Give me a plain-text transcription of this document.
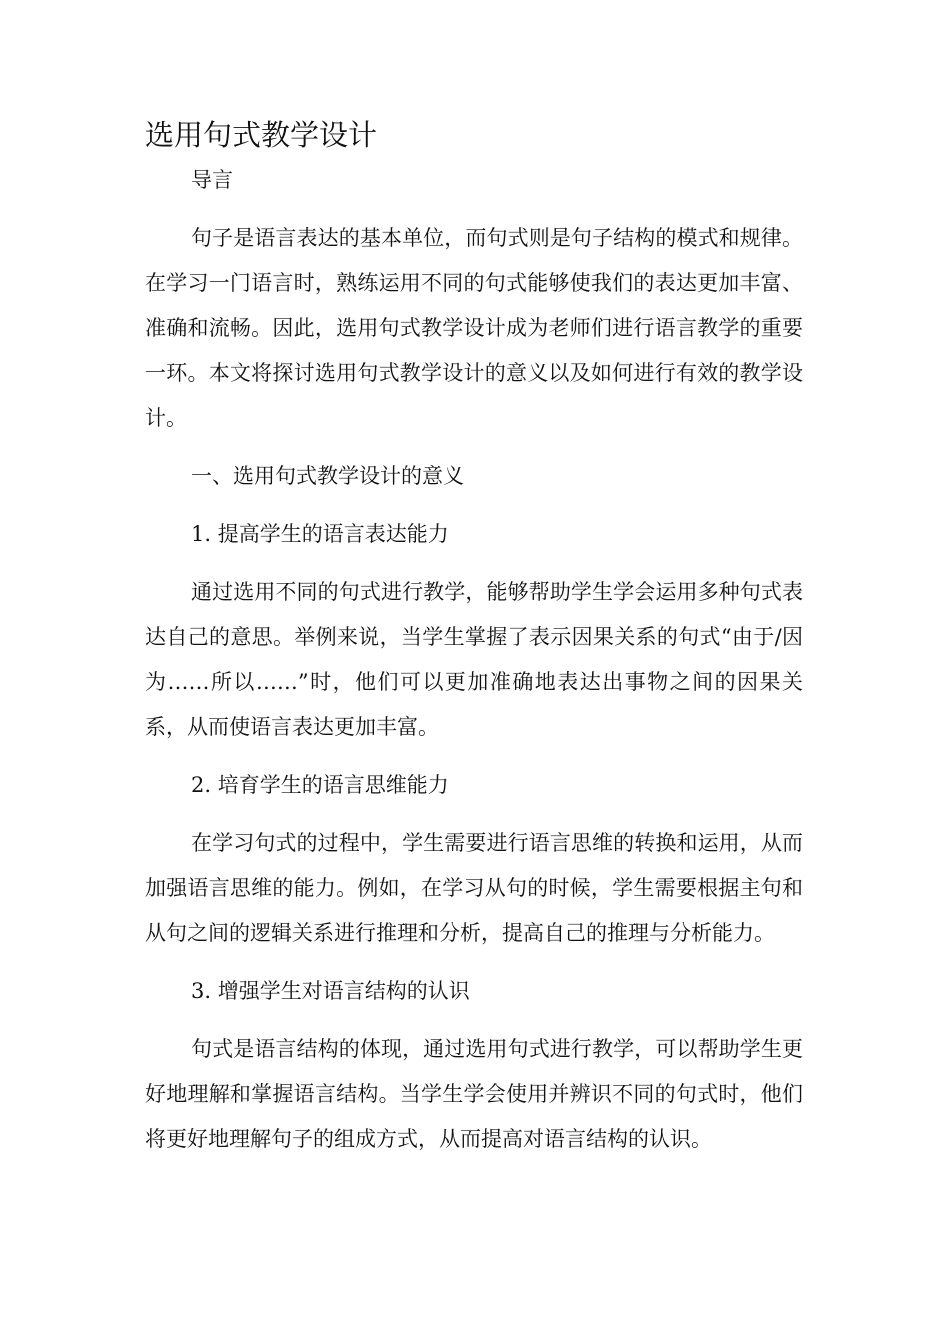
选用句式教学设计

导言

句子是语言表达的基本单位，而句式则是句子结构的模式和规律。在学习一门语言时，熟练运用不同的句式能够使我们的表达更加丰富、准确和流畅。因此，选用句式教学设计成为老师们进行语言教学的重要一环。本文将探讨选用句式教学设计的意义以及如何进行有效的教学设计。

一、选用句式教学设计的意义

1. 提高学生的语言表达能力

通过选用不同的句式进行教学，能够帮助学生学会运用多种句式表达自己的意思。举例来说，当学生掌握了表示因果关系的句式“由于/因为……所以……”时，他们可以更加准确地表达出事物之间的因果关系，从而使语言表达更加丰富。

2. 培育学生的语言思维能力

在学习句式的过程中，学生需要进行语言思维的转换和运用，从而加强语言思维的能力。例如，在学习从句的时候，学生需要根据主句和从句之间的逻辑关系进行推理和分析，提高自己的推理与分析能力。

3. 增强学生对语言结构的认识

句式是语言结构的体现，通过选用句式进行教学，可以帮助学生更好地理解和掌握语言结构。当学生学会使用并辨识不同的句式时，他们将更好地理解句子的组成方式，从而提高对语言结构的认识。
